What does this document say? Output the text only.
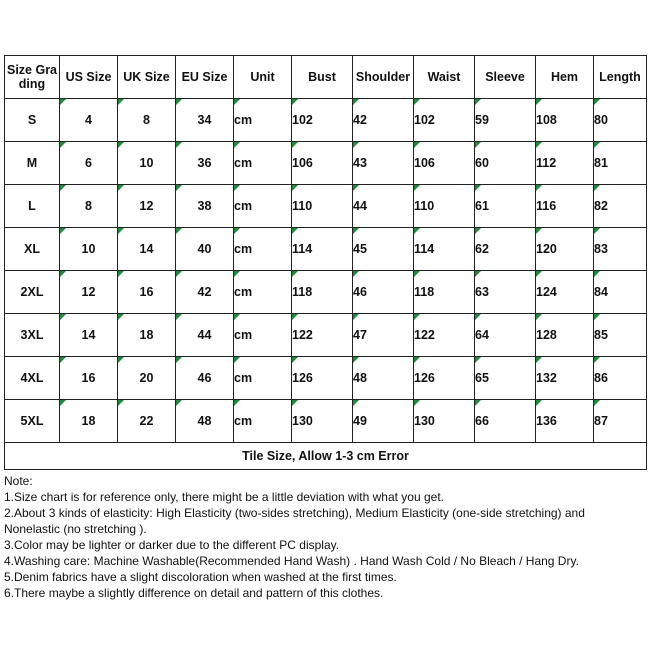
Size Grading	US Size	UK Size	EU Size	Unit	Bust	Shoulder	Waist	Sleeve	Hem	Length
S	4	8	34	cm	102	42	102	59	108	80
M	6	10	36	cm	106	43	106	60	112	81
L	8	12	38	cm	110	44	110	61	116	82
XL	10	14	40	cm	114	45	114	62	120	83
2XL	12	16	42	cm	118	46	118	63	124	84
3XL	14	18	44	cm	122	47	122	64	128	85
4XL	16	20	46	cm	126	48	126	65	132	86
5XL	18	22	48	cm	130	49	130	66	136	87
Tile Size, Allow 1-3 cm Error										
Note:
1.Size chart is for reference only, there might be a little deviation with what you get.
2.About 3 kinds of elasticity: High Elasticity (two-sides stretching), Medium Elasticity (one-side stretching) and Nonelastic (no stretching ).
3.Color may be lighter or darker due to the different PC display.
4.Washing care: Machine Washable(Recommended Hand Wash) . Hand Wash Cold / No Bleach / Hang Dry.
5.Denim fabrics have a slight discoloration when washed at the first times.
6.There maybe a slightly difference on detail and pattern of this clothes.
